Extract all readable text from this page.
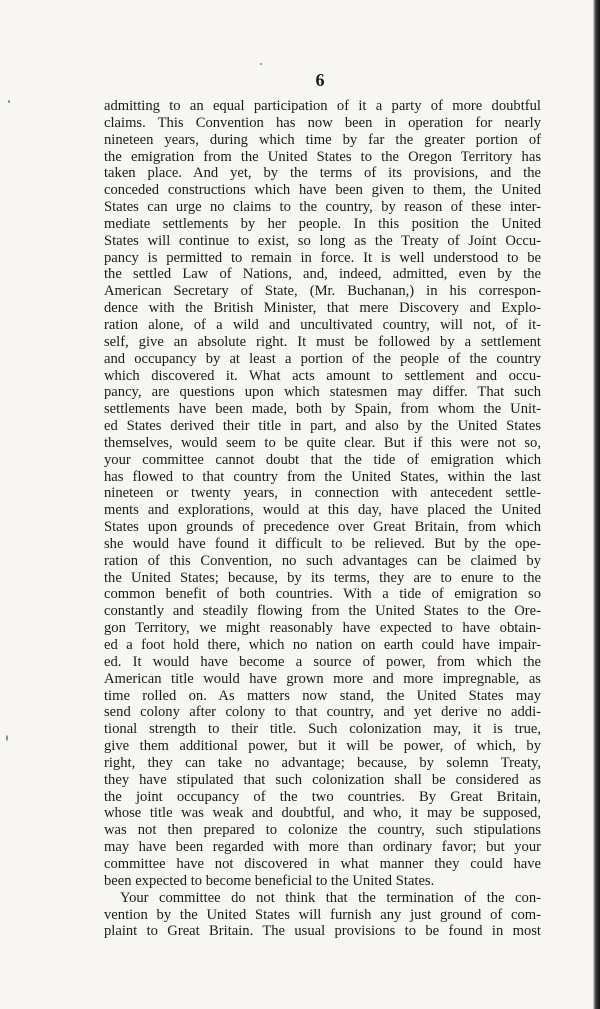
6
admitting to an equal participation of it a party of more doubtful
claims. This Convention has now been in operation for nearly
nineteen years, during which time by far the greater portion of
the emigration from the United States to the Oregon Territory has
taken place. And yet, by the terms of its provisions, and the
conceded constructions which have been given to them, the United
States can urge no claims to the country, by reason of these inter-
mediate settlements by her people. In this position the United
States will continue to exist, so long as the Treaty of Joint Occu-
pancy is permitted to remain in force. It is well understood to be
the settled Law of Nations, and, indeed, admitted, even by the
American Secretary of State, (Mr. Buchanan,) in his correspon-
dence with the British Minister, that mere Discovery and Explo-
ration alone, of a wild and uncultivated country, will not, of it-
self, give an absolute right. It must be followed by a settlement
and occupancy by at least a portion of the people of the country
which discovered it. What acts amount to settlement and occu-
pancy, are questions upon which statesmen may differ. That such
settlements have been made, both by Spain, from whom the Unit-
ed States derived their title in part, and also by the United States
themselves, would seem to be quite clear. But if this were not so,
your committee cannot doubt that the tide of emigration which
has flowed to that country from the United States, within the last
nineteen or twenty years, in connection with antecedent settle-
ments and explorations, would at this day, have placed the United
States upon grounds of precedence over Great Britain, from which
she would have found it difficult to be relieved. But by the ope-
ration of this Convention, no such advantages can be claimed by
the United States; because, by its terms, they are to enure to the
common benefit of both countries. With a tide of emigration so
constantly and steadily flowing from the United States to the Ore-
gon Territory, we might reasonably have expected to have obtain-
ed a foot hold there, which no nation on earth could have impair-
ed. It would have become a source of power, from which the
American title would have grown more and more impregnable, as
time rolled on. As matters now stand, the United States may
send colony after colony to that country, and yet derive no addi-
tional strength to their title. Such colonization may, it is true,
give them additional power, but it will be power, of which, by
right, they can take no advantage; because, by solemn Treaty,
they have stipulated that such colonization shall be considered as
the joint occupancy of the two countries. By Great Britain,
whose title was weak and doubtful, and who, it may be supposed,
was not then prepared to colonize the country, such stipulations
may have been regarded with more than ordinary favor; but your
committee have not discovered in what manner they could have
been expected to become beneficial to the United States.
Your committee do not think that the termination of the con-
vention by the United States will furnish any just ground of com-
plaint to Great Britain. The usual provisions to be found in most
